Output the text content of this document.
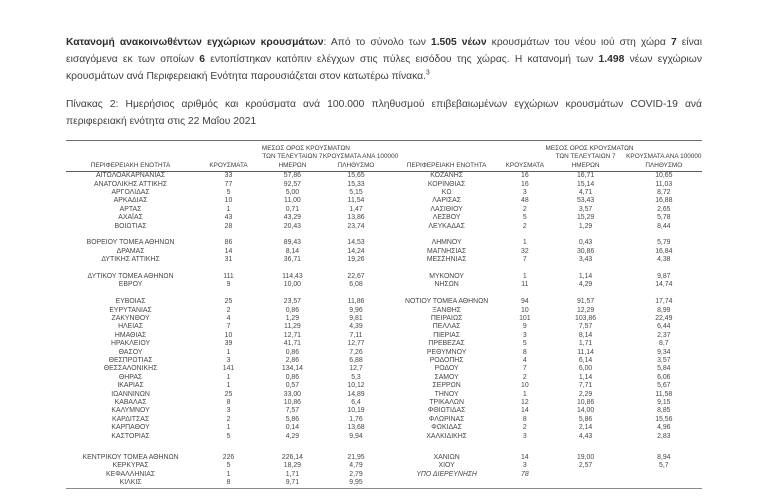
Κατανομή ανακοινωθέντων εγχώριων κρουσμάτων: Από το σύνολο των 1.505 νέων κρουσμάτων του νέου ιού στη χώρα 7 είναι εισαγόμενα εκ των οποίων 6 εντοπίστηκαν κατόπιν ελέγχων στις πύλες εισόδου της χώρας. Η κατανομή των 1.498 νέων εγχώριων κρουσμάτων ανά Περιφερειακή Ενότητα παρουσιάζεται στον κατωτέρω πίνακα.$^3$

Πίνακας 2: Ημερήσιος αριθμός και κρούσματα ανά 100.000 πληθυσμού επιβεβαιωμένων εγχώριων κρουσμάτων COVID-19 ανά περιφερειακή ενότητα στις 22 Μαΐου 2021

ΠΕΡΙΦΕΡΕΙΑΚΗ ΕΝΟΤΗΤΑ	ΚΡΟΥΣΜΑΤΑ	
ΜΕΣΟΣ ΟΡΟΣ ΚΡΟΥΣΜΑΤΩΝ
ΤΩΝ ΤΕΛΕΥΤΑΙΩΝ 7
ΗΜΕΡΩΝ

ΚΡΟΥΣΜΑΤΑ ΑΝΑ 100000
ΠΛΗΘΥΣΜΟ	ΠΕΡΙΦΕΡΕΙΑΚΗ ΕΝΟΤΗΤΑ	ΚΡΟΥΣΜΑΤΑ	
ΜΕΣΟΣ ΟΡΟΣ ΚΡΟΥΣΜΑΤΩΝ
ΤΩΝ ΤΕΛΕΥΤΑΙΩΝ 7
ΗΜΕΡΩΝ

ΚΡΟΥΣΜΑΤΑ ΑΝΑ 100000
ΠΛΗΘΥΣΜΟ

ΑΙΤΩΛΟΑΚΑΡΝΑΝΙΑΣ	33	57,86	15,65	ΚΟΖΑΝΗΣ	16	16,71	10,65
ΑΝΑΤΟΛΙΚΗΣ ΑΤΤΙΚΗΣ	77	92,57	15,33	ΚΟΡΙΝΘΙΑΣ	16	15,14	11,03
ΑΡΓΟΛΙΔΑΣ	5	5,00	5,15	ΚΩ	3	4,71	8,72
ΑΡΚΑΔΙΑΣ	10	11,00	11,54	ΛΑΡΙΣΑΣ	48	53,43	16,88
ΑΡΤΑΣ	1	0,71	1,47	ΛΑΣΙΘΙΟΥ	2	3,57	2,65
ΑΧΑΪΑΣ	43	43,29	13,86	ΛΕΣΒΟΥ	5	15,29	5,78
ΒΟΙΩΤΙΑΣ	28	20,43	23,74	ΛΕΥΚΑΔΑΣ	2	1,29	8,44

ΒΟΡΕΙΟΥ ΤΟΜΕΑ ΑΘΗΝΩΝ	86	89,43	14,53	ΛΗΜΝΟΥ	1	0,43	5,79
ΔΡΑΜΑΣ	14	8,14	14,24	ΜΑΓΝΗΣΙΑΣ	32	30,86	16,84
ΔΥΤΙΚΗΣ ΑΤΤΙΚΗΣ	31	36,71	19,26	ΜΕΣΣΗΝΙΑΣ	7	3,43	4,38

ΔΥΤΙΚΟΥ ΤΟΜΕΑ ΑΘΗΝΩΝ	111	114,43	22,67	ΜΥΚΟΝΟΥ	1	1,14	9,87
ΕΒΡΟΥ	9	10,00	6,08	ΝΗΣΩΝ	11	4,29	14,74

ΕΥΒΟΙΑΣ	25	23,57	11,86	ΝΟΤΙΟΥ ΤΟΜΕΑ ΑΘΗΝΩΝ	94	91,57	17,74
ΕΥΡΥΤΑΝΙΑΣ	2	0,86	9,96	ΞΑΝΘΗΣ	10	12,29	8,99
ΖΑΚΥΝΘΟΥ	4	1,29	9,81	ΠΕΙΡΑΙΩΣ	101	103,86	22,49
ΗΛΕΙΑΣ	7	11,29	4,39	ΠΕΛΛΑΣ	9	7,57	6,44
ΗΜΑΘΙΑΣ	10	12,71	7,11	ΠΙΕΡΙΑΣ	3	8,14	2,37
ΗΡΑΚΛΕΙΟΥ	39	41,71	12,77	ΠΡΕΒΕΖΑΣ	5	1,71	8,7
ΘΑΣΟΥ	1	0,86	7,26	ΡΕΘΥΜΝΟΥ	8	11,14	9,34
ΘΕΣΠΡΩΤΙΑΣ	3	2,86	6,88	ΡΟΔΟΠΗΣ	4	6,14	3,57
ΘΕΣΣΑΛΟΝΙΚΗΣ	141	134,14	12,7	ΡΟΔΟΥ	7	6,00	5,84
ΘΗΡΑΣ	1	0,86	5,3	ΣΑΜΟΥ	2	1,14	6,06
ΙΚΑΡΙΑΣ	1	0,57	10,12	ΣΕΡΡΩΝ	10	7,71	5,67
ΙΩΑΝΝΙΝΩΝ	25	33,00	14,89	ΤΗΝΟΥ	1	2,29	11,58
ΚΑΒΑΛΑΣ	8	10,86	6,4	ΤΡΙΚΑΛΩΝ	12	10,86	9,15
ΚΑΛΥΜΝΟΥ	3	7,57	10,19	ΦΘΙΩΤΙΔΑΣ	14	14,00	8,85
ΚΑΡΔΙΤΣΑΣ	2	5,86	1,76	ΦΛΩΡΙΝΑΣ	8	5,86	15,56
ΚΑΡΠΑΘΟΥ	1	0,14	13,68	ΦΩΚΙΔΑΣ	2	2,14	4,96
ΚΑΣΤΟΡΙΑΣ	5	4,29	9,94	ΧΑΛΚΙΔΙΚΗΣ	3	4,43	2,83

ΚΕΝΤΡΙΚΟΥ ΤΟΜΕΑ ΑΘΗΝΩΝ	226	226,14	21,95	ΧΑΝΙΩΝ	14	19,00	8,94
ΚΕΡΚΥΡΑΣ	5	18,29	4,79	ΧΙΟΥ	3	2,57	5,7
ΚΕΦΑΛΛΗΝΙΑΣ	1	1,71	2,79	ΥΠΟ ΔΙΕΡΕΥΝΗΣΗ	78		
ΚΙΛΚΙΣ	8	9,71	9,95				
